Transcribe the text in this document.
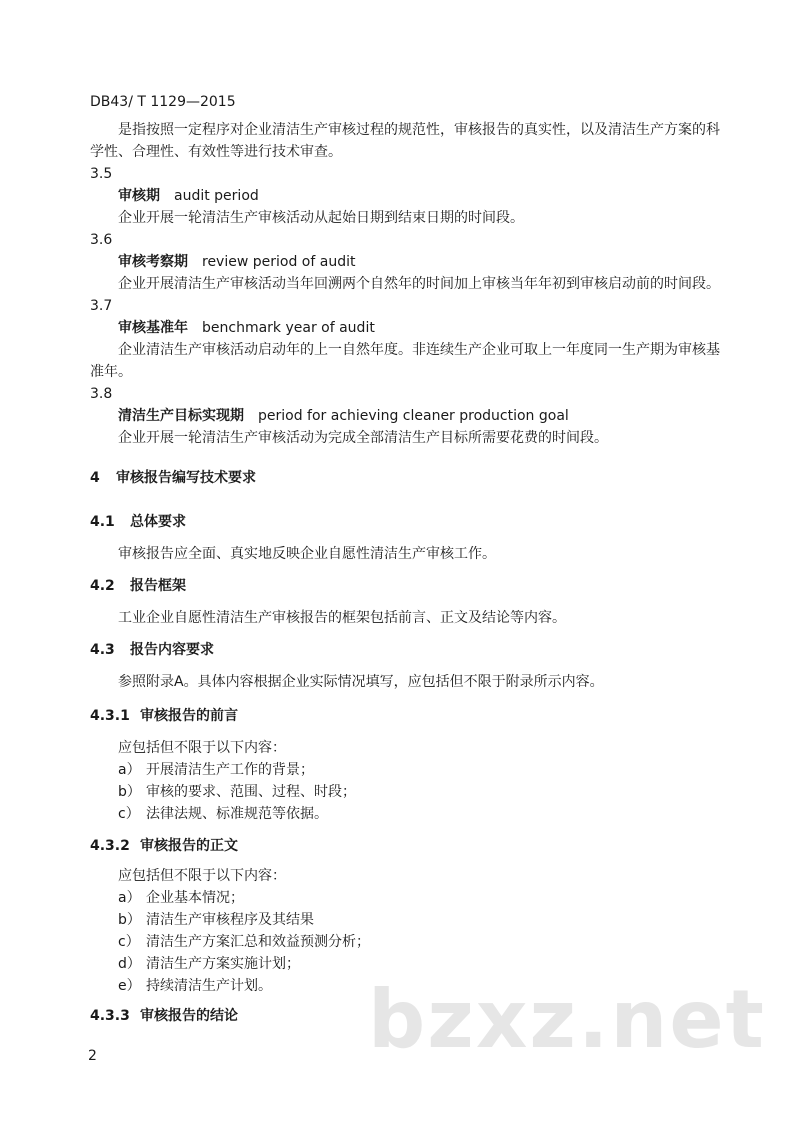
DB43/ T 1129—2015
是指按照一定程序对企业清洁生产审核过程的规范性，审核报告的真实性，以及清洁生产方案的科
学性、合理性、有效性等进行技术审查。
3.5
审核期 audit period
企业开展一轮清洁生产审核活动从起始日期到结束日期的时间段。
3.6
审核考察期 review period of audit
企业开展清洁生产审核活动当年回溯两个自然年的时间加上审核当年年初到审核启动前的时间段。
3.7
审核基准年 benchmark year of audit
企业清洁生产审核活动启动年的上一自然年度。非连续生产企业可取上一年度同一生产期为审核基
准年。
3.8
清洁生产目标实现期 period for achieving cleaner production goal
企业开展一轮清洁生产审核活动为完成全部清洁生产目标所需要花费的时间段。
4 审核报告编写技术要求
4.1 总体要求
审核报告应全面、真实地反映企业自愿性清洁生产审核工作。
4.2 报告框架
工业企业自愿性清洁生产审核报告的框架包括前言、正文及结论等内容。
4.3 报告内容要求
参照附录A。具体内容根据企业实际情况填写，应包括但不限于附录所示内容。
4.3.1 审核报告的前言
应包括但不限于以下内容：
a） 开展清洁生产工作的背景；
b） 审核的要求、范围、过程、时段；
c） 法律法规、标准规范等依据。
4.3.2 审核报告的正文
应包括但不限于以下内容：
a） 企业基本情况；
b） 清洁生产审核程序及其结果
c） 清洁生产方案汇总和效益预测分析；
d） 清洁生产方案实施计划；
e） 持续清洁生产计划。
4.3.3 审核报告的结论 bzxz.net
2
